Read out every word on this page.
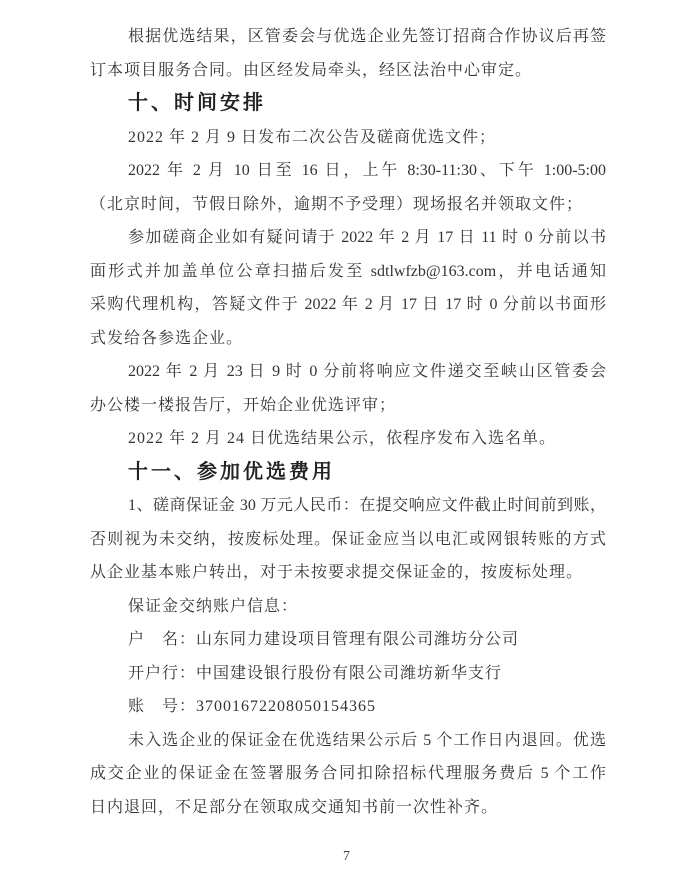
根据优选结果，区管委会与优选企业先签订招商合作协议后再签
订本项目服务合同。由区经发局牵头，经区法治中心审定。
十、时间安排
2022 年 2 月 9 日发布二次公告及磋商优选文件；
2022 年 2 月 10 日至 16 日，上午 8:30-11:30、下午 1:00-5:00
（北京时间，节假日除外，逾期不予受理）现场报名并领取文件；
参加磋商企业如有疑问请于 2022 年 2 月 17 日 11 时 0 分前以书
面形式并加盖单位公章扫描后发至 sdtlwfzb@163.com，并电话通知
采购代理机构，答疑文件于 2022 年 2 月 17 日 17 时 0 分前以书面形
式发给各参选企业。
2022 年 2 月 23 日 9 时 0 分前将响应文件递交至峡山区管委会
办公楼一楼报告厅，开始企业优选评审；
2022 年 2 月 24 日优选结果公示，依程序发布入选名单。
十一、参加优选费用
1、磋商保证金 30 万元人民币：在提交响应文件截止时间前到账，
否则视为未交纳，按废标处理。保证金应当以电汇或网银转账的方式
从企业基本账户转出，对于未按要求提交保证金的，按废标处理。
保证金交纳账户信息：
户　名：山东同力建设项目管理有限公司潍坊分公司
开户行：中国建设银行股份有限公司潍坊新华支行
账　号：37001672208050154365
未入选企业的保证金在优选结果公示后 5 个工作日内退回。优选
成交企业的保证金在签署服务合同扣除招标代理服务费后 5 个工作
日内退回，不足部分在领取成交通知书前一次性补齐。
7
